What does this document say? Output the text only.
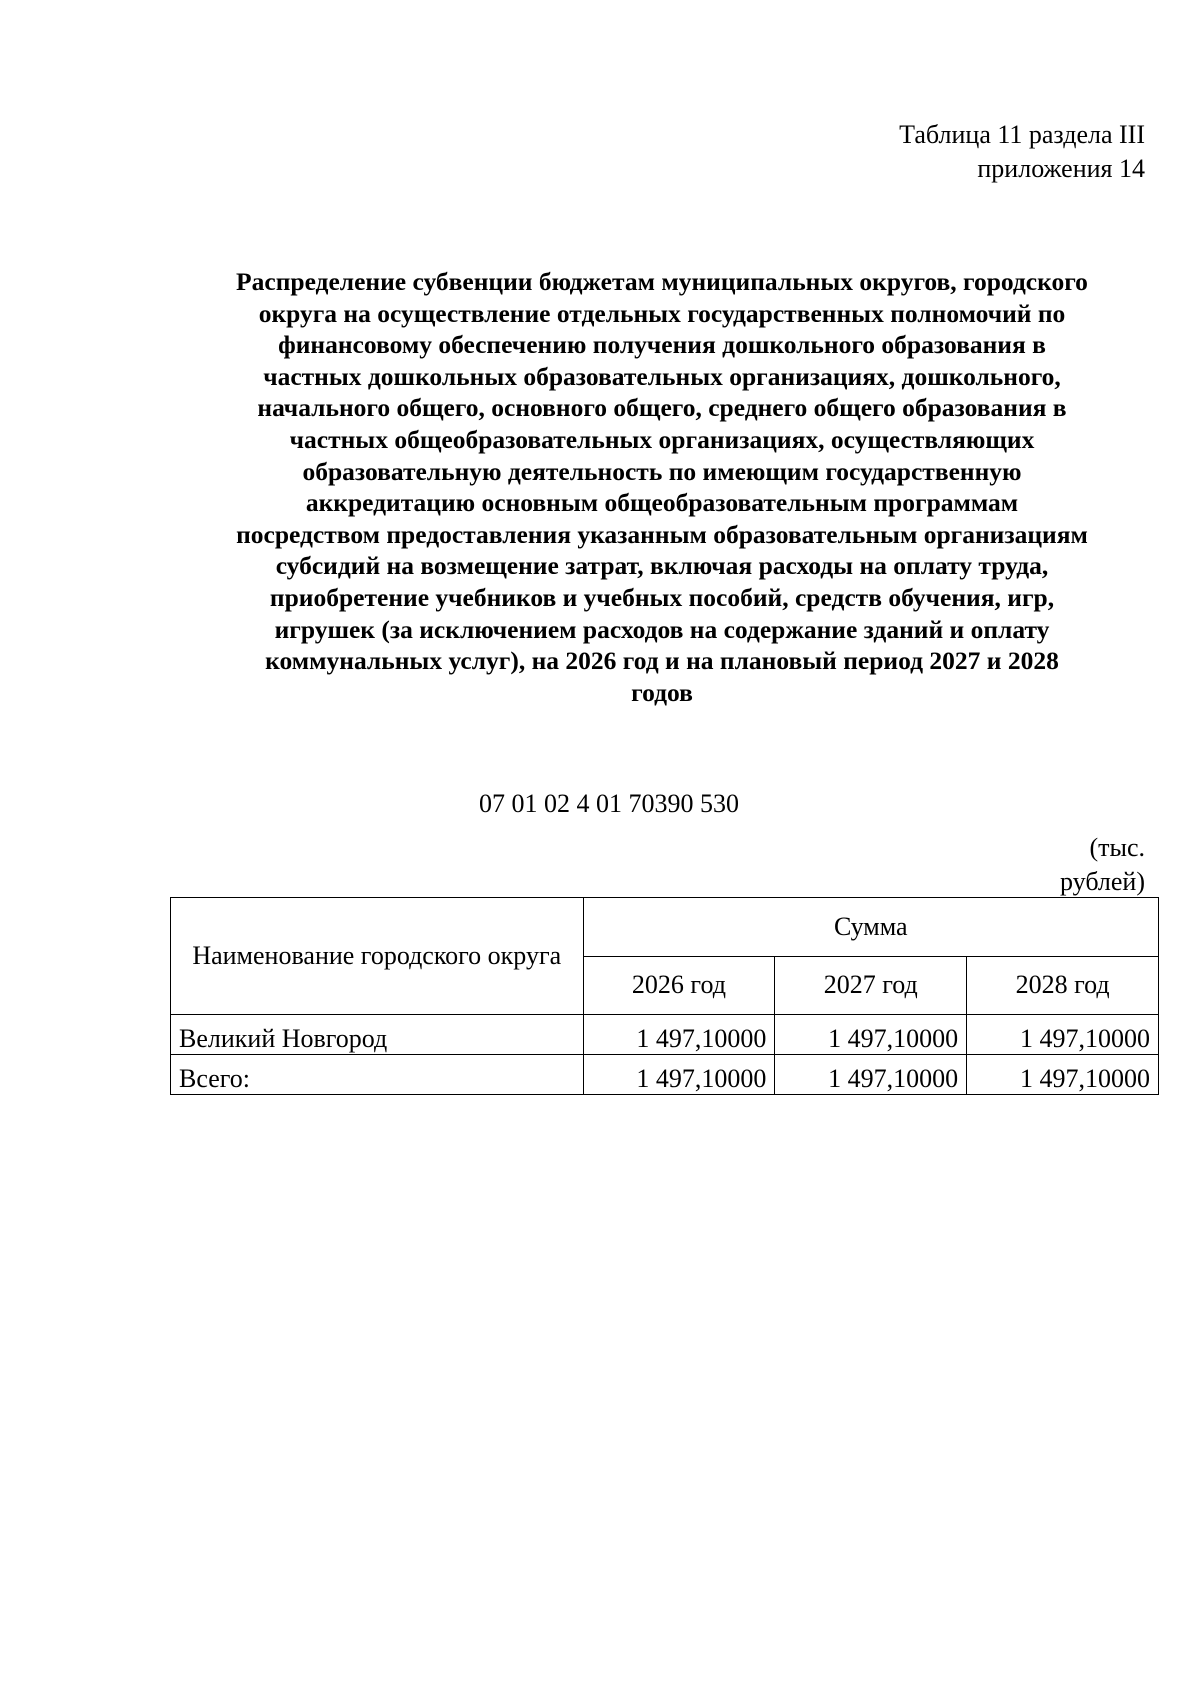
Таблица 11 раздела III
приложения 14
Распределение субвенции бюджетам муниципальных округов, городского
округа на осуществление отдельных государственных полномочий по
финансовому обеспечению получения дошкольного образования в
частных дошкольных образовательных организациях, дошкольного,
начального общего, основного общего, среднего общего образования в
частных общеобразовательных организациях, осуществляющих
образовательную деятельность по имеющим государственную
аккредитацию основным общеобразовательным программам
посредством предоставления указанным образовательным организациям
субсидий на возмещение затрат, включая расходы на оплату труда,
приобретение учебников и учебных пособий, средств обучения, игр,
игрушек (за исключением расходов на содержание зданий и оплату
коммунальных услуг), на 2026 год и на плановый период 2027 и 2028
годов
07 01 02 4 01 70390 530
(тыс.
рублей)
Наименование городского округа	Сумма		
	2026 год	2027 год	2028 год
Великий Новгород	1 497,10000	1 497,10000	1 497,10000
Всего:	1 497,10000	1 497,10000	1 497,10000
